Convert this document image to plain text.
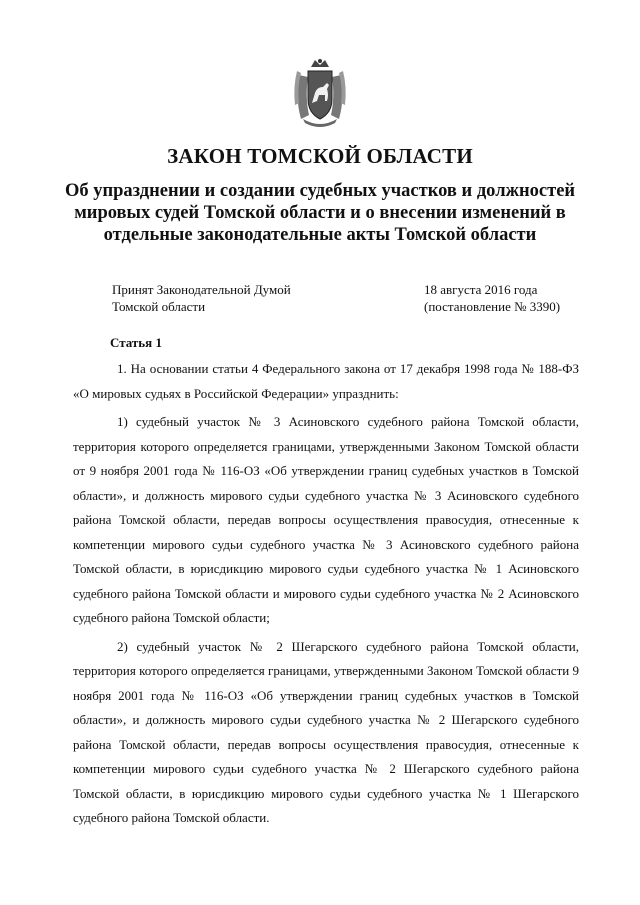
ЗАКОН ТОМСКОЙ ОБЛАСТИ
Об упразднении и создании судебных участков и должностей мировых судей Томской области и о внесении изменений в отдельные законодательные акты Томской области
Принят Законодательной Думой
Томской области
18 августа 2016 года
(постановление № 3390)
Статья 1

1. На основании статьи 4 Федерального закона от 17 декабря 1998 года № 188-ФЗ «О мировых судьях в Российской Федерации» упразднить:

1) судебный участок № 3 Асиновского судебного района Томской области, территория которого определяется границами, утвержденными Законом Томской области от 9 ноября 2001 года № 116-ОЗ «Об утверждении границ судебных участков в Томской области», и должность мирового судьи судебного участка № 3 Асиновского судебного района Томской области, передав вопросы осуществления правосудия, отнесенные к компетенции мирового судьи судебного участка № 3 Асиновского судебного района Томской области, в юрисдикцию мирового судьи судебного участка № 1 Асиновского судебного района Томской области и мирового судьи судебного участка № 2 Асиновского судебного района Томской области;

2) судебный участок № 2 Шегарского судебного района Томской области, территория которого определяется границами, утвержденными Законом Томской области 9 ноября 2001 года № 116-ОЗ «Об утверждении границ судебных участков в Томской области», и должность мирового судьи судебного участка № 2 Шегарского судебного района Томской области, передав вопросы осуществления правосудия, отнесенные к компетенции мирового судьи судебного участка № 2 Шегарского судебного района Томской области, в юрисдикцию мирового судьи судебного участка № 1 Шегарского судебного района Томской области.
